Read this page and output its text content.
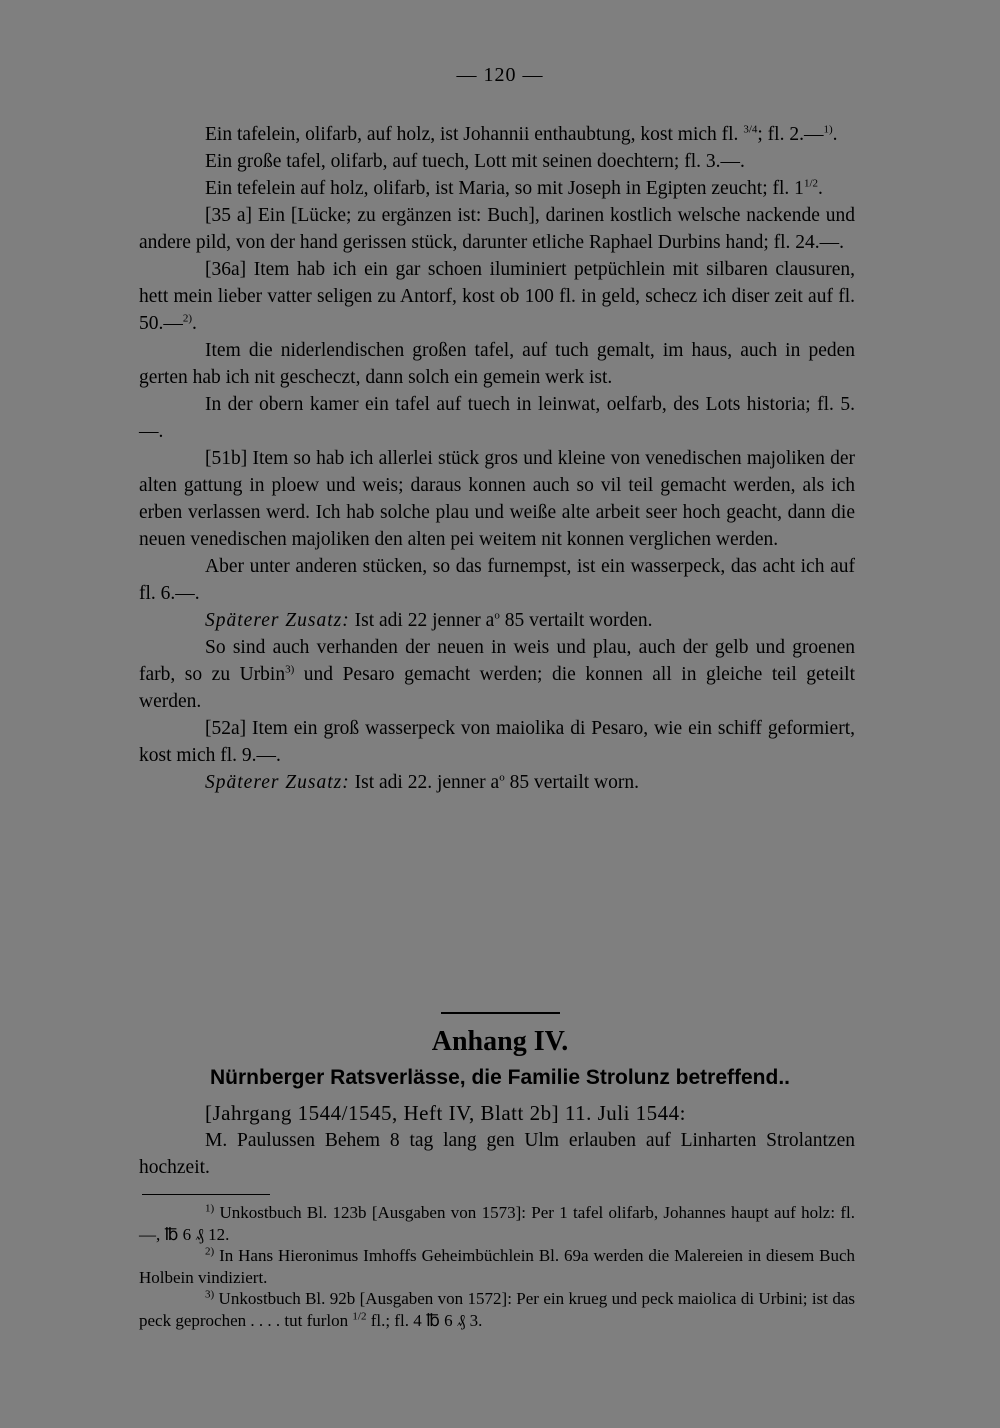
— 120 —

Ein tafelein, olifarb, auf holz, ist Johannii enthaubtung, kost mich fl. $^{3/4}$; fl. 2.—$^{1)}$.

Ein große tafel, olifarb, auf tuech, Lott mit seinen doechtern; fl. 3.—.

Ein tefelein auf holz, olifarb, ist Maria, so mit Joseph in Egipten zeucht; fl. $1^{1/2}$.

[35 a] Ein [Lücke; zu ergänzen ist: Buch], darinen kostlich welsche nackende und andere pild, von der hand gerissen stück, darunter etliche Raphael Durbins hand; fl. 24.—.

[36a] Item hab ich ein gar schoen iluminiert petpüchlein mit silbaren clausuren, hett mein lieber vatter seligen zu Antorf, kost ob 100 fl. in geld, schecz ich diser zeit auf fl. 50.—$^{2)}$.

Item die niderlendischen großen tafel, auf tuch gemalt, im haus, auch in peden gerten hab ich nit gescheczt, dann solch ein gemein werk ist.

In der obern kamer ein tafel auf tuech in leinwat, oelfarb, des Lots historia; fl. 5.—.

[51b] Item so hab ich allerlei stück gros und kleine von venedischen majoliken der alten gattung in ploew und weis; daraus konnen auch so vil teil gemacht werden, als ich erben verlassen werd. Ich hab solche plau und weiße alte arbeit seer hoch geacht, dann die neuen venedischen majoliken den alten pei weitem nit konnen verglichen werden.

Aber unter anderen stücken, so das furnempst, ist ein wasserpeck, das acht ich auf fl. 6.—.

Späterer Zusatz: Ist adi 22 jenner $a^o$ 85 vertailt worden.

So sind auch verhanden der neuen in weis und plau, auch der gelb und groenen farb, so zu Urbin$^{3)}$ und Pesaro gemacht werden; die konnen all in gleiche teil geteilt werden.

[52a] Item ein groß wasserpeck von maiolika di Pesaro, wie ein schiff geformiert, kost mich fl. 9.—.

Späterer Zusatz: Ist adi 22. jenner $a^o$ 85 vertailt worn.

Anhang IV.
Nürnberger Ratsverlässe, die Familie Strolunz betreffend..

[Jahrgang 1544/1545, Heft IV, Blatt 2b] 11. Juli 1544:

M. Paulussen Behem 8 tag lang gen Ulm erlauben auf Linharten Strolantzen hochzeit.

$^{1)}$ Unkostbuch Bl. 123b [Ausgaben von 1573]: Per 1 tafel olifarb, Johannes haupt auf holz: fl. —, ℔ 6 ₰ 12.

$^{2)}$ In Hans Hieronimus Imhoffs Geheimbüchlein Bl. 69a werden die Malereien in diesem Buch Holbein vindiziert.

$^{3)}$ Unkostbuch Bl. 92b [Ausgaben von 1572]: Per ein krueg und peck maiolica di Urbini; ist das peck geprochen . . . . tut furlon $^{1/2}$ fl.; fl. 4 ℔ 6 ₰ 3.
